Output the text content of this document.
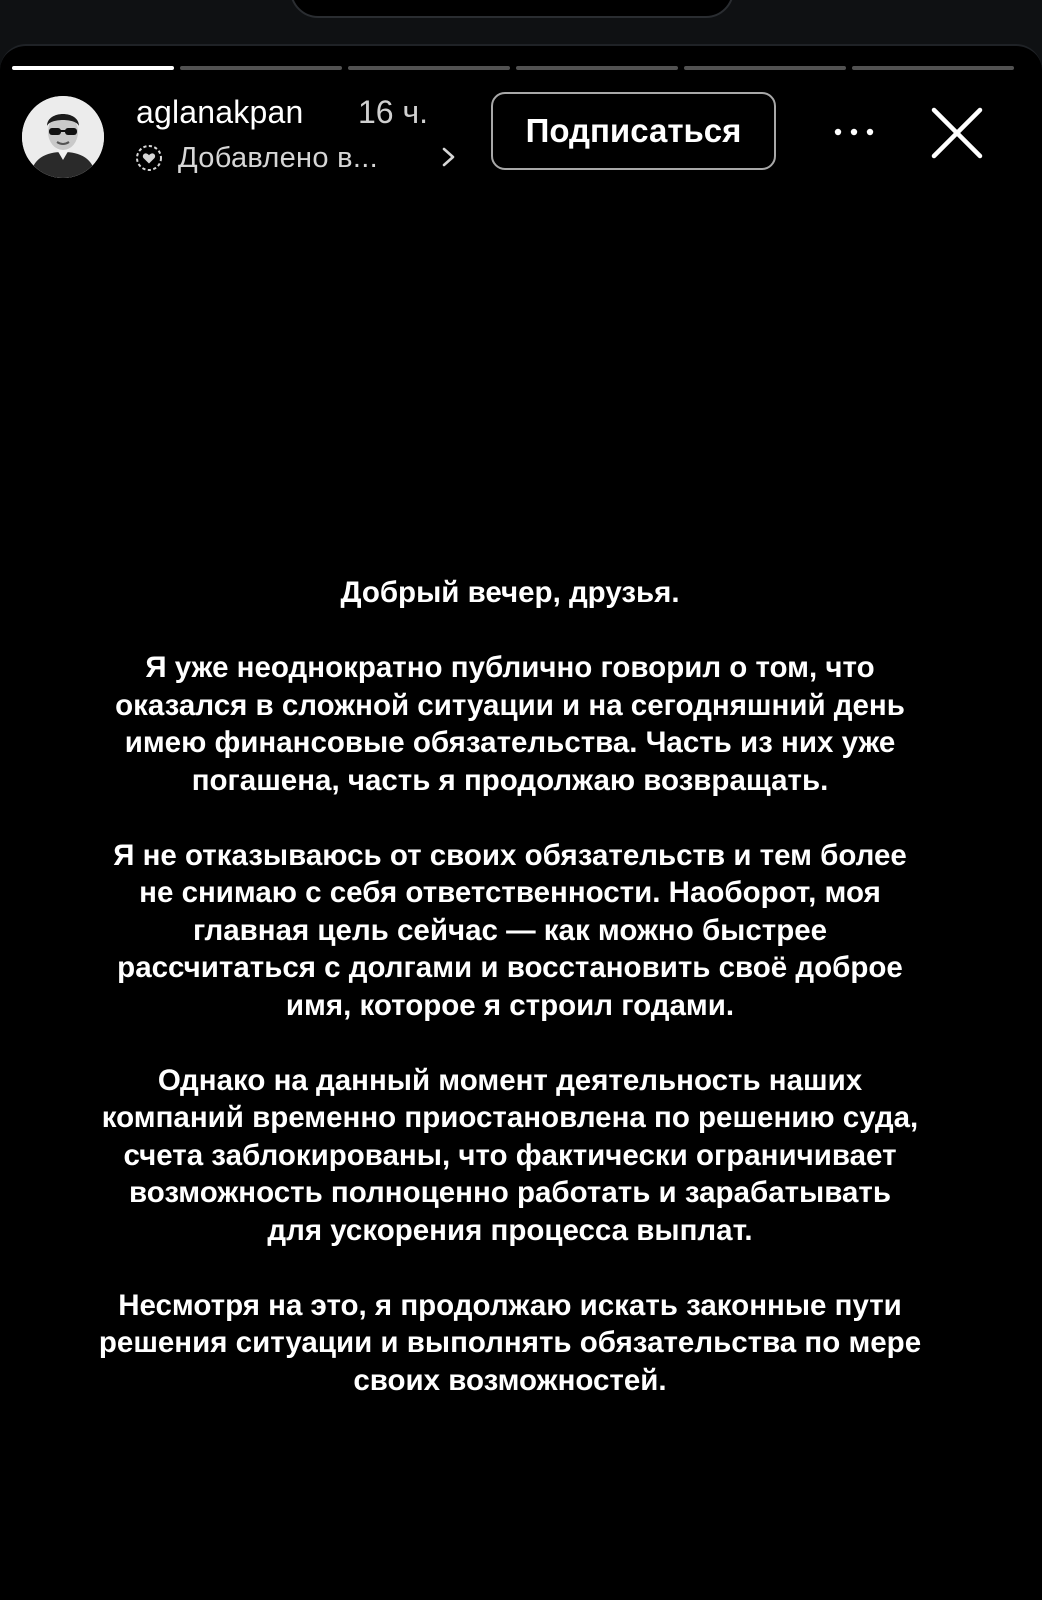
aglanakpan 16 ч.
Добавлено в...
Подписаться

Добрый вечер, друзья.

Я уже неоднократно публично говорил о том, что
оказался в сложной ситуации и на сегодняшний день
имею финансовые обязательства. Часть из них уже
погашена, часть я продолжаю возвращать.

Я не отказываюсь от своих обязательств и тем более
не снимаю с себя ответственности. Наоборот, моя
главная цель сейчас — как можно быстрее
рассчитаться с долгами и восстановить своё доброе
имя, которое я строил годами.

Однако на данный момент деятельность наших
компаний временно приостановлена по решению суда,
счета заблокированы, что фактически ограничивает
возможность полноценно работать и зарабатывать
для ускорения процесса выплат.

Несмотря на это, я продолжаю искать законные пути
решения ситуации и выполнять обязательства по мере
своих возможностей.
